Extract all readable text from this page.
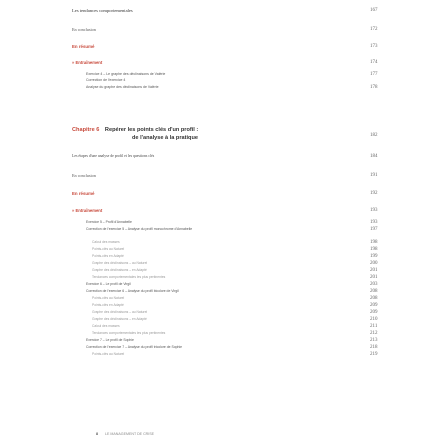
Les tendances comportementales	167
En conclusion	172
En résumé	173
» Entraînement	174
Exercice 4 – Le graphe des déclinaisons de Valérie	177
Correction de l'exercice 4
Analyse du graphe des déclinaisons de Valérie	178
Chapitre 6 Repérer les points clés d'un profil :
de l'analyse à la pratique	182
Les étapes d'une analyse de profil et les questions clés	184
En conclusion	191
En résumé	192
» Entraînement	193
Exercice 5 – Profil d'Annabelle	193
Correction de l'exercice 5 – Analyse du profil monochrome d'Annabelle	197
Calcul des masses	198
Points-clés au Naturel	198
Points-clés en Adapté	199
Graphe des déclinaisons – au Naturel	200
Graphe des déclinaisons – en Adapté	201
Tendances comportementales les plus pertinentes	201
Exercice 6 – Le profil de Virgil	203
Correction de l'exercice 6 – Analyse du profil bicolore de Virgil	208
Points-clés au Naturel	208
Points-clés en Adapté	209
Graphe des déclinaisons – au Naturel	209
Graphe des déclinaisons – en Adapté	210
Calcul des masses	211
Tendances comportementales les plus pertinentes	212
Exercice 7 – Le profil de Sophie	213
Correction de l'exercice 7 – Analyse du profil tricolore de Sophie	218
Points-clés au Naturel	219
8 LE MANAGEMENT DE CRISE
